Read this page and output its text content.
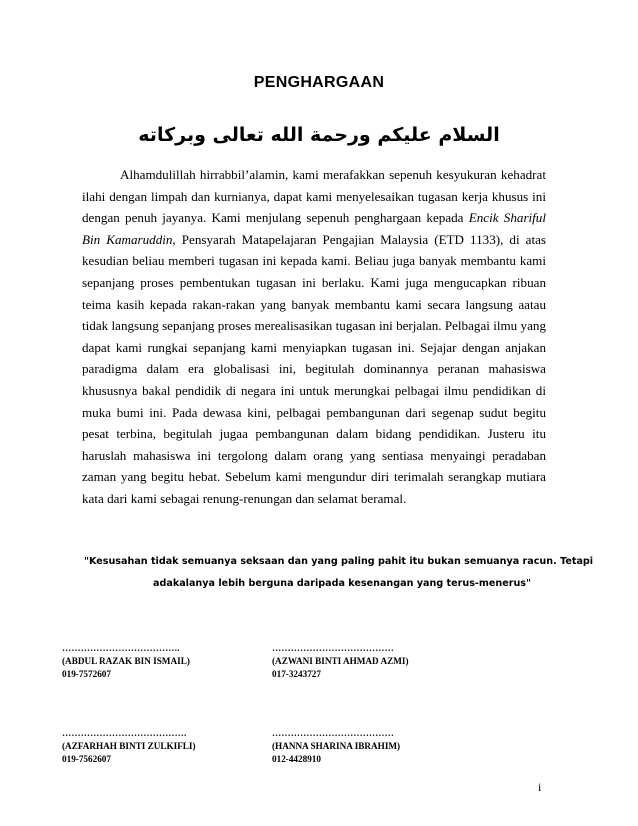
PENGHARGAAN
السلام عليكم ورحمة الله تعالى وبركاته

Alhamdulillah hirrabbil’alamin, kami merafakkan sepenuh kesyukuran kehadrat ilahi dengan limpah dan kurnianya, dapat kami menyelesaikan tugasan kerja khusus ini dengan penuh jayanya. Kami menjulang sepenuh penghargaan kepada Encik Shariful Bin Kamaruddin, Pensyarah Matapelajaran Pengajian Malaysia (ETD 1133), di atas kesudian beliau memberi tugasan ini kepada kami. Beliau juga banyak membantu kami sepanjang proses pembentukan tugasan ini berlaku. Kami juga mengucapkan ribuan teima kasih kepada rakan-rakan yang banyak membantu kami secara langsung aatau tidak langsung sepanjang proses merealisasikan tugasan ini berjalan. Pelbagai ilmu yang dapat kami rungkai sepanjang kami menyiapkan tugasan ini. Sejajar dengan anjakan paradigma dalam era globalisasi ini, begitulah dominannya peranan mahasiswa khususnya bakal pendidik di negara ini untuk merungkai pelbagai ilmu pendidikan di muka bumi ini. Pada dewasa kini, pelbagai pembangunan dari segenap sudut begitu pesat terbina, begitulah jugaa pembangunan dalam bidang pendidikan. Justeru itu haruslah mahasiswa ini tergolong dalam orang yang sentiasa menyaingi peradaban zaman yang begitu hebat. Sebelum kami mengundur diri terimalah serangkap mutiara kata dari kami sebagai renung-renungan dan selamat beramal.

"Kesusahan tidak semuanya seksaan dan yang paling pahit itu bukan semuanya racun. Tetapi
adakalanya lebih berguna daripada kesenangan yang terus-menerus"
………………………………..
(ABDUL RAZAK BIN ISMAIL)
019-7572607
…………………………………
(AZWANI BINTI AHMAD AZMI)
017-3243727
………………………………….
(AZFARHAH BINTI ZULKIFLI)
019-7562607
…………………………………
(HANNA SHARINA IBRAHIM)
012-4428910
i
